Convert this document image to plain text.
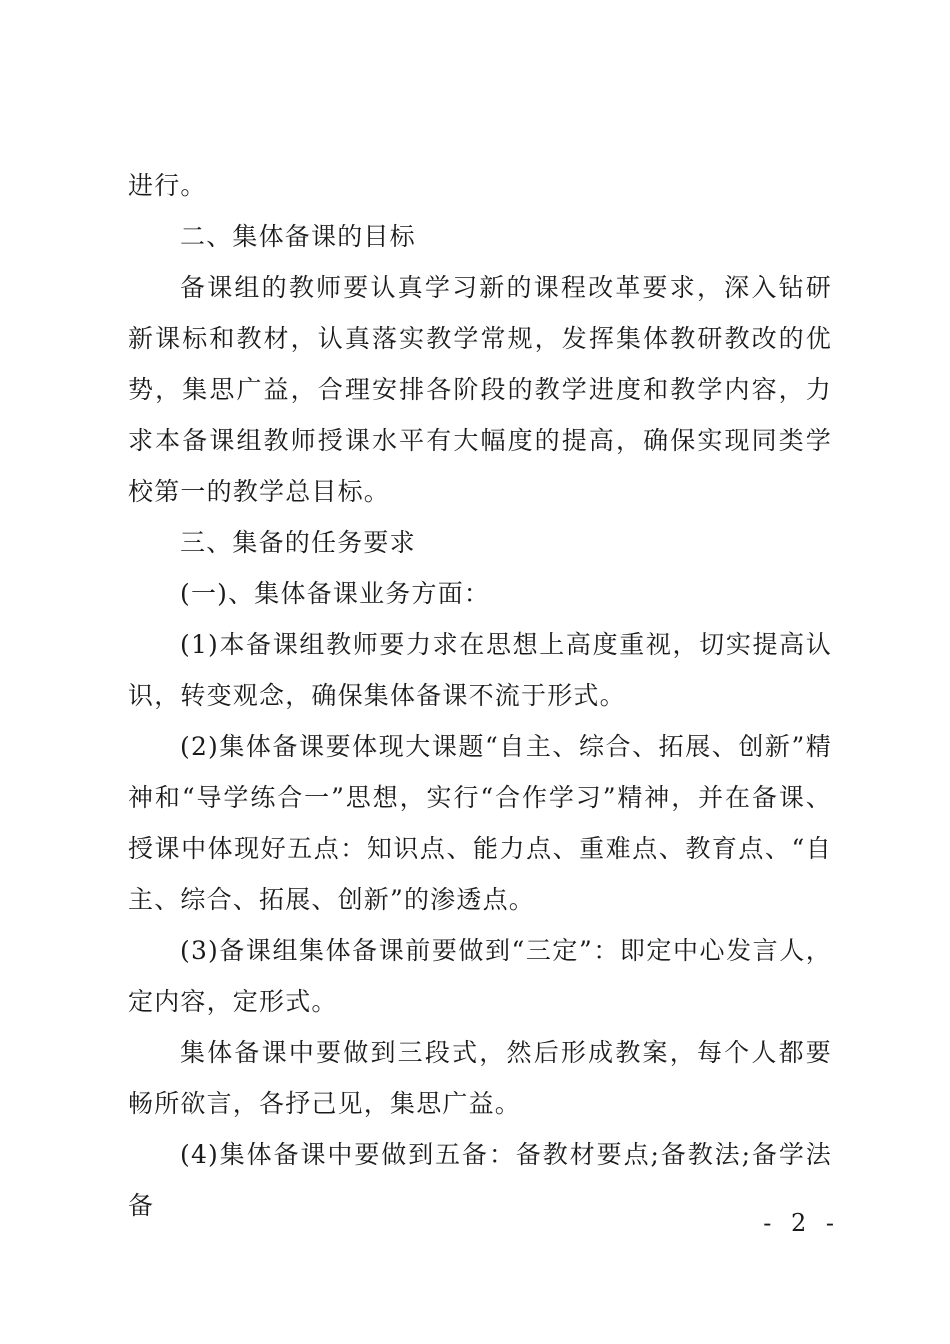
进行。

二、集体备课的目标

备课组的教师要认真学习新的课程改革要求，深入钻研新课标和教材，认真落实教学常规，发挥集体教研教改的优势，集思广益，合理安排各阶段的教学进度和教学内容，力求本备课组教师授课水平有大幅度的提高，确保实现同类学校第一的教学总目标。

三、集备的任务要求

(一)、集体备课业务方面：

(1)本备课组教师要力求在思想上高度重视，切实提高认识，转变观念，确保集体备课不流于形式。

(2)集体备课要体现大课题“自主、综合、拓展、创新”精神和“导学练合一”思想，实行“合作学习”精神，并在备课、授课中体现好五点：知识点、能力点、重难点、教育点、“自主、综合、拓展、创新”的渗透点。

(3)备课组集体备课前要做到“三定”：即定中心发言人，定内容，定形式。

集体备课中要做到三段式，然后形成教案，每个人都要畅所欲言，各抒己见，集思广益。

(4)集体备课中要做到五备：备教材要点;备教法;备学法备

- 2 -
